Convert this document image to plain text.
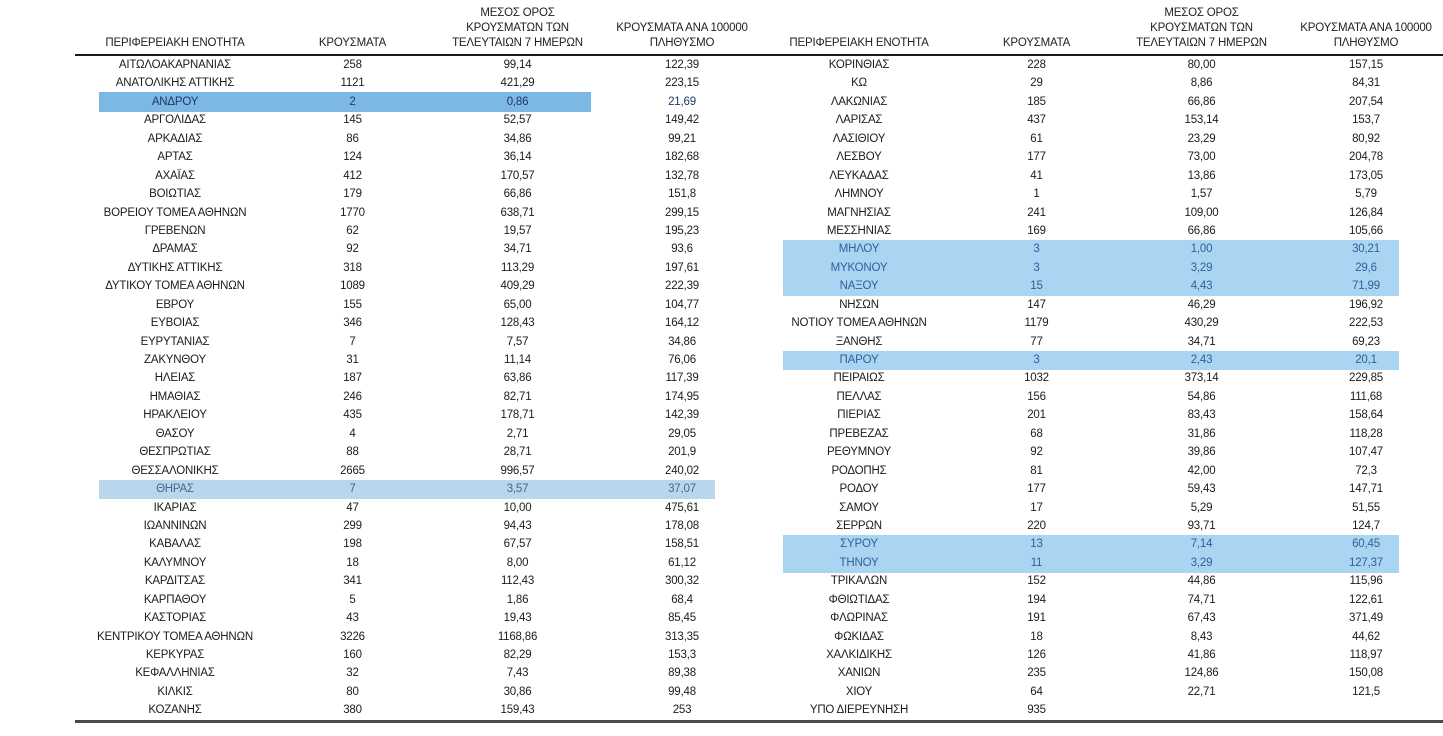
ΠΕΡΙΦΕΡΕΙΑΚΗ ΕΝΟΤΗΤΑ	ΚΡΟΥΣΜΑΤΑ
ΜΕΣΟΣ ΟΡΟΣ
ΚΡΟΥΣΜΑΤΩΝ ΤΩΝ
ΤΕΛΕΥΤΑΙΩΝ 7 ΗΜΕΡΩΝ
ΚΡΟΥΣΜΑΤΑ ΑΝΑ 100000
ΠΛΗΘΥΣΜΟ	ΠΕΡΙΦΕΡΕΙΑΚΗ ΕΝΟΤΗΤΑ	ΚΡΟΥΣΜΑΤΑ
ΜΕΣΟΣ ΟΡΟΣ
ΚΡΟΥΣΜΑΤΩΝ ΤΩΝ
ΤΕΛΕΥΤΑΙΩΝ 7 ΗΜΕΡΩΝ
ΚΡΟΥΣΜΑΤΑ ΑΝΑ 100000
ΠΛΗΘΥΣΜΟ
ΑΙΤΩΛΟΑΚΑΡΝΑΝΙΑΣ	258	99,14	122,39
ΑΝΑΤΟΛΙΚΗΣ ΑΤΤΙΚΗΣ	1121	421,29	223,15
ΑΝΔΡΟΥ	2	0,86	21,69
ΑΡΓΟΛΙΔΑΣ	145	52,57	149,42
ΑΡΚΑΔΙΑΣ	86	34,86	99,21
ΑΡΤΑΣ	124	36,14	182,68
ΑΧΑΪΑΣ	412	170,57	132,78
ΒΟΙΩΤΙΑΣ	179	66,86	151,8
ΒΟΡΕΙΟΥ ΤΟΜΕΑ ΑΘΗΝΩΝ	1770	638,71	299,15
ΓΡΕΒΕΝΩΝ	62	19,57	195,23
ΔΡΑΜΑΣ	92	34,71	93,6
ΔΥΤΙΚΗΣ ΑΤΤΙΚΗΣ	318	113,29	197,61
ΔΥΤΙΚΟΥ ΤΟΜΕΑ ΑΘΗΝΩΝ	1089	409,29	222,39
ΕΒΡΟΥ	155	65,00	104,77
ΕΥΒΟΙΑΣ	346	128,43	164,12
ΕΥΡΥΤΑΝΙΑΣ	7	7,57	34,86
ΖΑΚΥΝΘΟΥ	31	11,14	76,06
ΗΛΕΙΑΣ	187	63,86	117,39
ΗΜΑΘΙΑΣ	246	82,71	174,95
ΗΡΑΚΛΕΙΟΥ	435	178,71	142,39
ΘΑΣΟΥ	4	2,71	29,05
ΘΕΣΠΡΩΤΙΑΣ	88	28,71	201,9
ΘΕΣΣΑΛΟΝΙΚΗΣ	2665	996,57	240,02
ΘΗΡΑΣ	7	3,57	37,07
ΙΚΑΡΙΑΣ	47	10,00	475,61
ΙΩΑΝΝΙΝΩΝ	299	94,43	178,08
ΚΑΒΑΛΑΣ	198	67,57	158,51
ΚΑΛΥΜΝΟΥ	18	8,00	61,12
ΚΑΡΔΙΤΣΑΣ	341	112,43	300,32
ΚΑΡΠΑΘΟΥ	5	1,86	68,4
ΚΑΣΤΟΡΙΑΣ	43	19,43	85,45
ΚΕΝΤΡΙΚΟΥ ΤΟΜΕΑ ΑΘΗΝΩΝ	3226	1168,86	313,35
ΚΕΡΚΥΡΑΣ	160	82,29	153,3
ΚΕΦΑΛΛΗΝΙΑΣ	32	7,43	89,38
ΚΙΛΚΙΣ	80	30,86	99,48
ΚΟΖΑΝΗΣ	380	159,43	253
ΚΟΡΙΝΘΙΑΣ	228	80,00	157,15
ΚΩ	29	8,86	84,31
ΛΑΚΩΝΙΑΣ	185	66,86	207,54
ΛΑΡΙΣΑΣ	437	153,14	153,7
ΛΑΣΙΘΙΟΥ	61	23,29	80,92
ΛΕΣΒΟΥ	177	73,00	204,78
ΛΕΥΚΑΔΑΣ	41	13,86	173,05
ΛΗΜΝΟΥ	1	1,57	5,79
ΜΑΓΝΗΣΙΑΣ	241	109,00	126,84
ΜΕΣΣΗΝΙΑΣ	169	66,86	105,66
ΜΗΛΟΥ	3	1,00	30,21
ΜΥΚΟΝΟΥ	3	3,29	29,6
ΝΑΞΟΥ	15	4,43	71,99
ΝΗΣΩΝ	147	46,29	196,92
ΝΟΤΙΟΥ ΤΟΜΕΑ ΑΘΗΝΩΝ	1179	430,29	222,53
ΞΑΝΘΗΣ	77	34,71	69,23
ΠΑΡΟΥ	3	2,43	20,1
ΠΕΙΡΑΙΩΣ	1032	373,14	229,85
ΠΕΛΛΑΣ	156	54,86	111,68
ΠΙΕΡΙΑΣ	201	83,43	158,64
ΠΡΕΒΕΖΑΣ	68	31,86	118,28
ΡΕΘΥΜΝΟΥ	92	39,86	107,47
ΡΟΔΟΠΗΣ	81	42,00	72,3
ΡΟΔΟΥ	177	59,43	147,71
ΣΑΜΟΥ	17	5,29	51,55
ΣΕΡΡΩΝ	220	93,71	124,7
ΣΥΡΟΥ	13	7,14	60,45
ΤΗΝΟΥ	11	3,29	127,37
ΤΡΙΚΑΛΩΝ	152	44,86	115,96
ΦΘΙΩΤΙΔΑΣ	194	74,71	122,61
ΦΛΩΡΙΝΑΣ	191	67,43	371,49
ΦΩΚΙΔΑΣ	18	8,43	44,62
ΧΑΛΚΙΔΙΚΗΣ	126	41,86	118,97
ΧΑΝΙΩΝ	235	124,86	150,08
ΧΙΟΥ	64	22,71	121,5
ΥΠΟ ΔΙΕΡΕΥΝΗΣΗ	935
